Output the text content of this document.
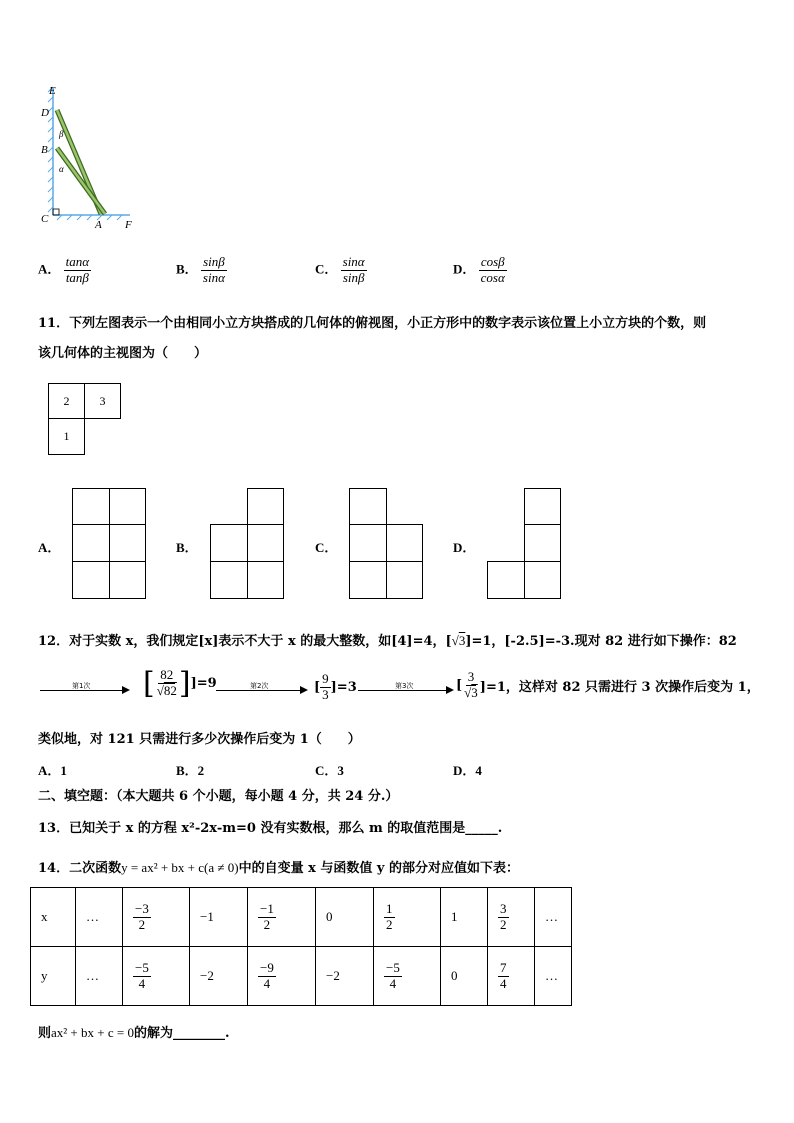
E
D
B
C	A F
β
α
A． $\frac{\tan\alpha}{\tan\beta}$	B． $\frac{\sin\beta}{\sin\alpha}$	C． $\frac{\sin\alpha}{\sin\beta}$	D． $\frac{\cos\beta}{\cos\alpha}$
11．下列左图表示一个由相同小立方块搭成的几何体的俯视图，小正方形中的数字表示该位置上小立方块的个数，则
该几何体的主视图为（　　）
2	3
1
A．	B．	C．	D．
12．对于实数 x，我们规定[x]表示不大于 x 的最大整数，如[4]=4，[√3]=1，[-2.5]=-3.现对 82 进行如下操作：82
第1次 [ $\frac{82}{√82} ]]=9$	第2次	[ $\frac{9}{3} ]=3$	第3次	[ $\frac{3}{√3} ]=1$，这样对 82 只需进行 3 次操作后变为 1，
类似地，对 121 只需进行多少次操作后变为 1（　　）
A．1	B．2	C．3	D．4
二、填空题：（本大题共 6 个小题，每小题 4 分，共 24 分.）
13．已知关于 x 的方程 x²-2x-m=0 没有实数根，那么 m 的取值范围是_____.
14．二次函数y = ax² + bx + c(a ≠ 0)中的自变量 x 与函数值 y 的部分对应值如下表：
x	…	$\frac{-3}{2}$	−1	$\frac{-1}{2}$	0	$\frac{1}{2}$	1	$\frac{3}{2}$	…
y	…	$\frac{-5}{4}$	−2	$\frac{-9}{4}$	−2	$\frac{-5}{4}$	0	$\frac{7}{4}$	…
则ax² + bx + c = 0的解为________.
